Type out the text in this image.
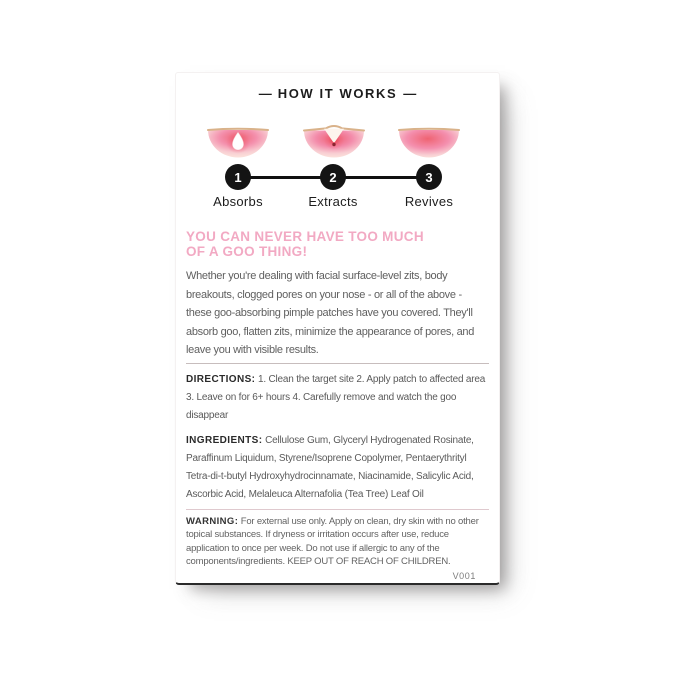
— HOW IT WORKS —
1	2	3
Absorbs	Extracts	Revives
YOU CAN NEVER HAVE TOO MUCH
OF A GOO THING!
Whether you're dealing with facial surface-level zits, body breakouts, clogged pores on your nose - or all of the above - these goo-absorbing pimple patches have you covered. They'll absorb goo, flatten zits, minimize the appearance of pores, and leave you with visible results.
DIRECTIONS: 1. Clean the target site 2. Apply patch to affected area 3. Leave on for 6+ hours 4. Carefully remove and watch the goo disappear
INGREDIENTS: Cellulose Gum, Glyceryl Hydrogenated Rosinate, Paraffinum Liquidum, Styrene/Isoprene Copolymer, Pentaerythrityl Tetra-di-t-butyl Hydroxyhydrocinnamate, Niacinamide, Salicylic Acid, Ascorbic Acid, Melaleuca Alternafolia (Tea Tree) Leaf Oil
WARNING: For external use only. Apply on clean, dry skin with no other topical substances. If dryness or irritation occurs after use, reduce application to once per week. Do not use if allergic to any of the components/ingredients. KEEP OUT OF REACH OF CHILDREN.
V001
